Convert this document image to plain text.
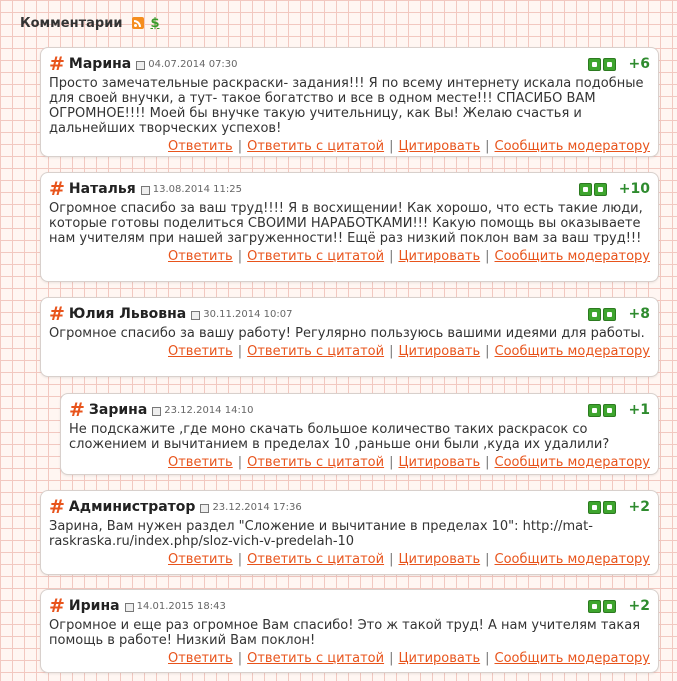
Комментарии $
# Марина 04.07.2014 07:30	+6
Просто замечательные раскраски- задания!!! Я по всему интернету искала подобные для своей внучки, а тут- такое богатство и все в одном месте!!! СПАСИБО ВАМ ОГРОМНОЕ!!!! Моей бы внучке такую учительницу, как Вы! Желаю счастья и дальнейших творческих успехов!
Ответить | Ответить с цитатой | Цитировать | Сообщить модератору
# Наталья 13.08.2014 11:25	+10
Огромное спасибо за ваш труд!!!! Я в восхищении! Как хорошо, что есть такие люди, которые готовы поделиться СВОИМИ НАРАБОТКАМИ!!! Какую помощь вы оказываете нам учителям при нашей загруженности!! Ещё раз низкий поклон вам за ваш труд!!!
Ответить | Ответить с цитатой | Цитировать | Сообщить модератору
# Юлия Львовна 30.11.2014 10:07	+8
Огромное спасибо за вашу работу! Регулярно пользуюсь вашими идеями для работы.
Ответить | Ответить с цитатой | Цитировать | Сообщить модератору
# Зарина 23.12.2014 14:10	+1
Не подскажите ,где моно скачать большое количество таких раскрасок со сложением и вычитанием в пределах 10 ,раньше они были ,куда их удалили?
Ответить | Ответить с цитатой | Цитировать | Сообщить модератору
# Администратор 23.12.2014 17:36	+2
Зарина, Вам нужен раздел "Сложение и вычитание в пределах 10": http://mat-raskraska.ru/index.php/sloz-vich-v-predelah-10
Ответить | Ответить с цитатой | Цитировать | Сообщить модератору
# Ирина 14.01.2015 18:43	+2
Огромное и еще раз огромное Вам спасибо! Это ж такой труд! А нам учителям такая помощь в работе! Низкий Вам поклон!
Ответить | Ответить с цитатой | Цитировать | Сообщить модератору
